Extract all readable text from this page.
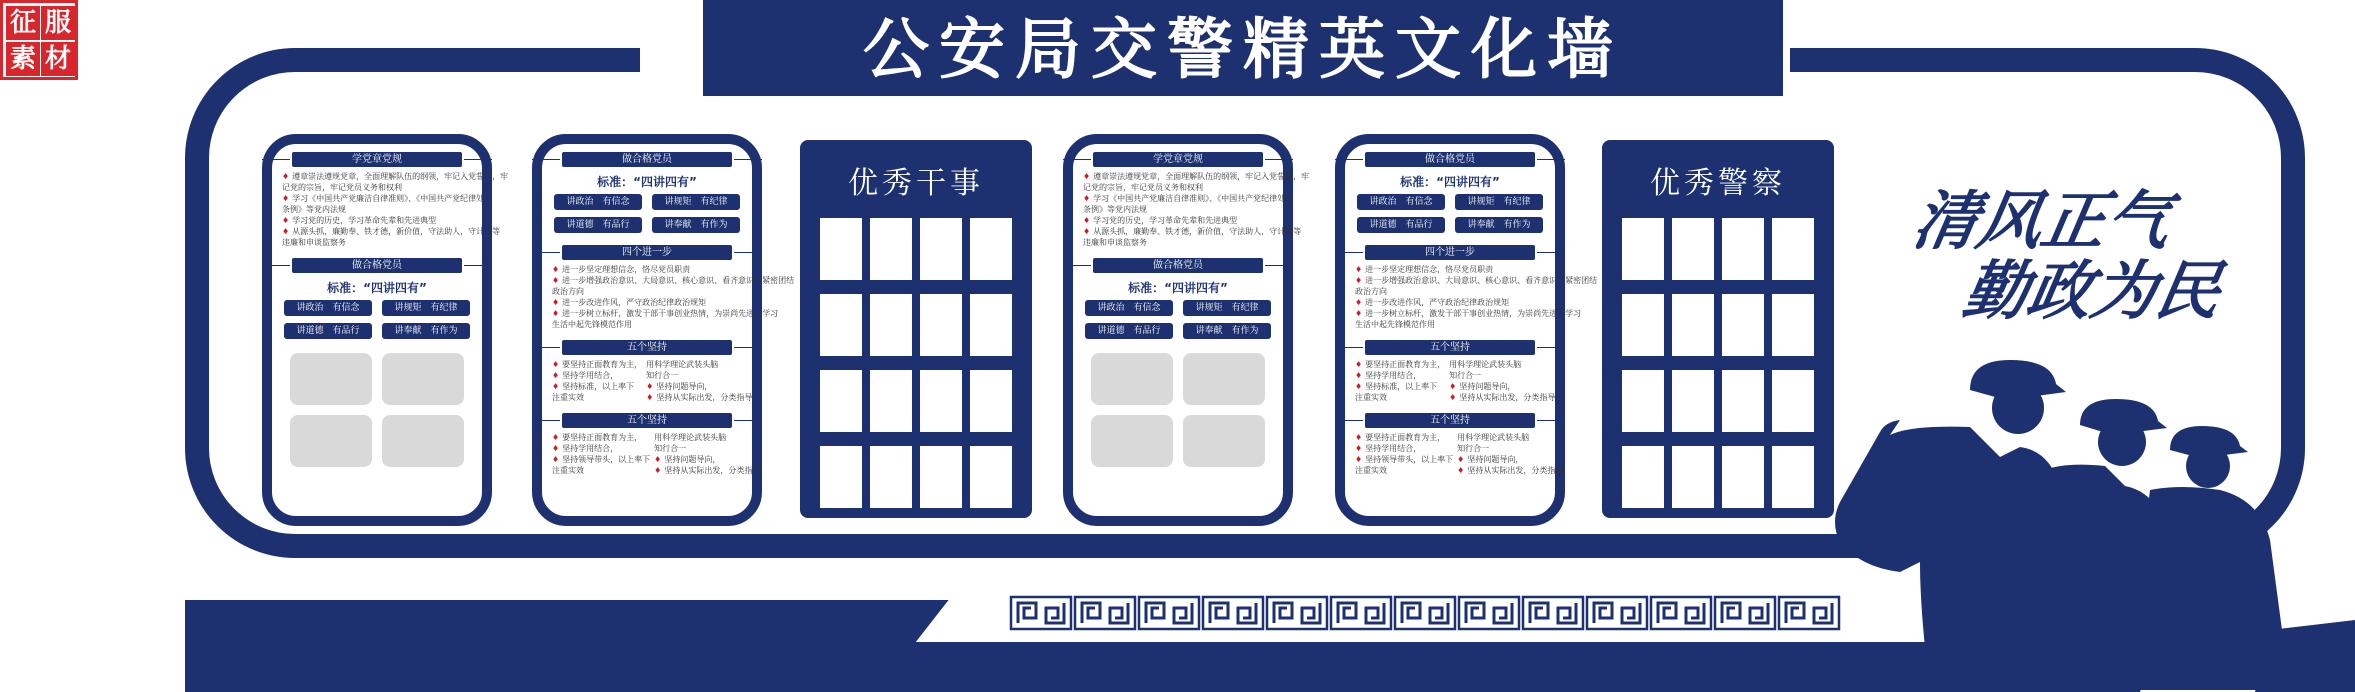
征 服
素 材	公安局交警精英文化墙
学党章党规
♦ 遵章崇法遵规党章，全面理解队伍的纲领，牢记入党誓词，牢
记党的宗旨，牢记党员义务和权利
♦ 学习《中国共产党廉洁自律准则》、《中国共产党纪律处分
条例》等党内法规
♦ 学习党的历史，学习革命先辈和先进典型
♦ 从源头抓，廉勤奉、铁才德，新价值，守法助人，守计划等
违廉和申谈监察务
做合格党员
标准：“四讲四有”
讲政治　有信念	讲规矩　有纪律
讲道德　有品行	讲奉献　有作为
做合格党员
标准：“四讲四有”
讲政治　有信念	讲规矩　有纪律
讲道德　有品行	讲奉献　有作为
四个进一步
♦ 进一步坚定理想信念，恪尽党员职责
♦ 进一步增强政治意识、大局意识、核心意识、看齐意识，紧密团结
政治方向
♦ 进一步改进作风，严守政治纪律政治规矩
♦ 进一步树立标杆，激发干部干事创业热情，为崇尚先进、学习
生活中起先锋模范作用
五个坚持
♦ 要坚持正面教育为主， 用科学理论武装头脑
♦ 坚持学用结合，	知行合一
♦ 坚持标准，以上率下	♦ 坚持问题导向，
注重实效	♦ 坚持从实际出发，分类指导
五个坚持
♦ 要坚持正面教育为主，	用科学理论武装头脑
♦ 坚持学用结合，	知行合一
♦ 坚持领导带头，以上率下 ♦ 坚持问题导向，
注重实效	♦ 坚持从实际出发，分类指导
优秀干事
学党章党规
♦ 遵章崇法遵规党章，全面理解队伍的纲领，牢记入党誓词，牢
记党的宗旨，牢记党员义务和权利
♦ 学习《中国共产党廉洁自律准则》、《中国共产党纪律处分
条例》等党内法规
♦ 学习党的历史，学习革命先辈和先进典型
♦ 从源头抓，廉勤奉、铁才德，新价值，守法助人，守计划等
违廉和申谈监察务
做合格党员
标准：“四讲四有”
讲政治　有信念	讲规矩　有纪律
讲道德　有品行	讲奉献　有作为
做合格党员
标准：“四讲四有”
讲政治　有信念	讲规矩　有纪律
讲道德　有品行	讲奉献　有作为
四个进一步
♦ 进一步坚定理想信念，恪尽党员职责
♦ 进一步增强政治意识、大局意识、核心意识、看齐意识，紧密团结
政治方向
♦ 进一步改进作风，严守政治纪律政治规矩
♦ 进一步树立标杆，激发干部干事创业热情，为崇尚先进、学习
生活中起先锋模范作用
五个坚持
♦ 要坚持正面教育为主， 用科学理论武装头脑
♦ 坚持学用结合，	知行合一
♦ 坚持标准，以上率下	♦ 坚持问题导向，
注重实效	♦ 坚持从实际出发，分类指导
五个坚持
♦ 要坚持正面教育为主，	用科学理论武装头脑
♦ 坚持学用结合，	知行合一
♦ 坚持领导带头，以上率下 ♦ 坚持问题导向，
注重实效	♦ 坚持从实际出发，分类指导
优秀警察
清风正气
勤政为民
